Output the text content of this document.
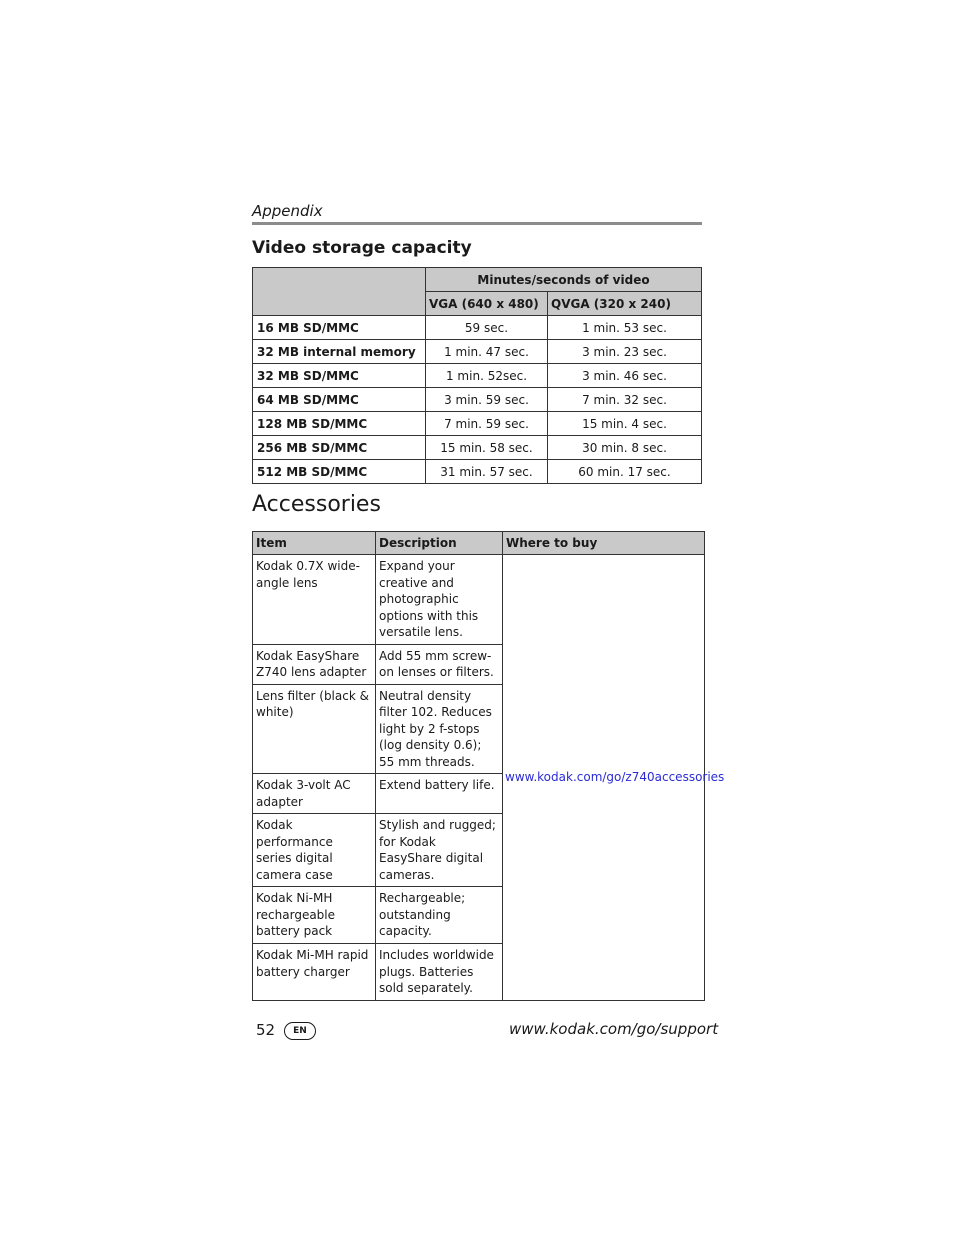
Appendix
Video storage capacity
	Minutes/seconds of video	
	VGA (640 x 480)	QVGA (320 x 240)
16 MB SD/MMC	59 sec.	1 min. 53 sec.
32 MB internal memory	1 min. 47 sec.	3 min. 23 sec.
32 MB SD/MMC	1 min. 52sec.	3 min. 46 sec.
64 MB SD/MMC	3 min. 59 sec.	7 min. 32 sec.
128 MB SD/MMC	7 min. 59 sec.	15 min. 4 sec.
256 MB SD/MMC	15 min. 58 sec.	30 min. 8 sec.
512 MB SD/MMC	31 min. 57 sec.	60 min. 17 sec.
Accessories
Item	Description	Where to buy
Kodak 0.7X wide-angle lens	Expand your creative and photographic options with this versatile lens.	www.kodak.com/go/z740accessories
Kodak EasyShare Z740 lens adapter	Add 55 mm screw-on lenses or filters.	
Lens filter (black & white)	Neutral density filter 102. Reduces light by 2 f-stops (log density 0.6); 55 mm threads.	
Kodak 3-volt AC adapter	Extend battery life.	
Kodak performance series digital camera case	Stylish and rugged; for Kodak EasyShare digital cameras.	
Kodak Ni-MH rechargeable battery pack	Rechargeable; outstanding capacity.	
Kodak Mi-MH rapid battery charger	Includes worldwide plugs. Batteries sold separately.	
52	EN	www.kodak.com/go/support
